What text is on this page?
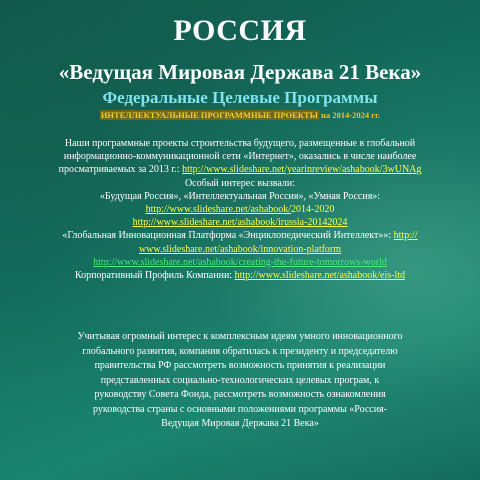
РОССИЯ
«Ведущая Мировая Держава 21 Века»
Федеральные Целевые Программы
ИНТЕЛЛЕКТУАЛЬНЫЕ ПРОГРАММНЫЕ ПРОЕКТЫ на 2014-2024 гг.
Наши программные проекты строительства будущего, размещенные в глобальной
информационно-коммуникационной сети «Интернет», оказались в числе наиболее
просматриваемых за 2013 г.: http://www.slideshare.net/yearinreview/ashabook/3wUNAg
Особый интерес вызвали:
«Будущая Россия», «Интеллектуальная Россия», «Умная Россия»:
http://www.slideshare.net/ashabook/2014-2020
http://www.slideshare.net/ashabook/irussia-20142024
«Глобальная Инновационная Платформа «Энциклопедический Интеллект»»: http://
www.slideshare.net/ashabook/innovation-platform
http://www.slideshare.net/ashabook/creating-the-future-tomorrows-world
Корпоративный Профиль Компании: http://www.slideshare.net/ashabook/eis-ltd
Учитывая огромный интерес к комплексным идеям умного инновационного
глобального развития, компания обратилась к президенту и председателю
правительства РФ рассмотреть возможность принятия к реализации
представленных социально-технологических целевых програм, к
руководству Совета Фонда, рассмотреть возможность ознакомления
руководства страны с основными положениями программы «Россия-
Ведущая Мировая Держава 21 Века»
